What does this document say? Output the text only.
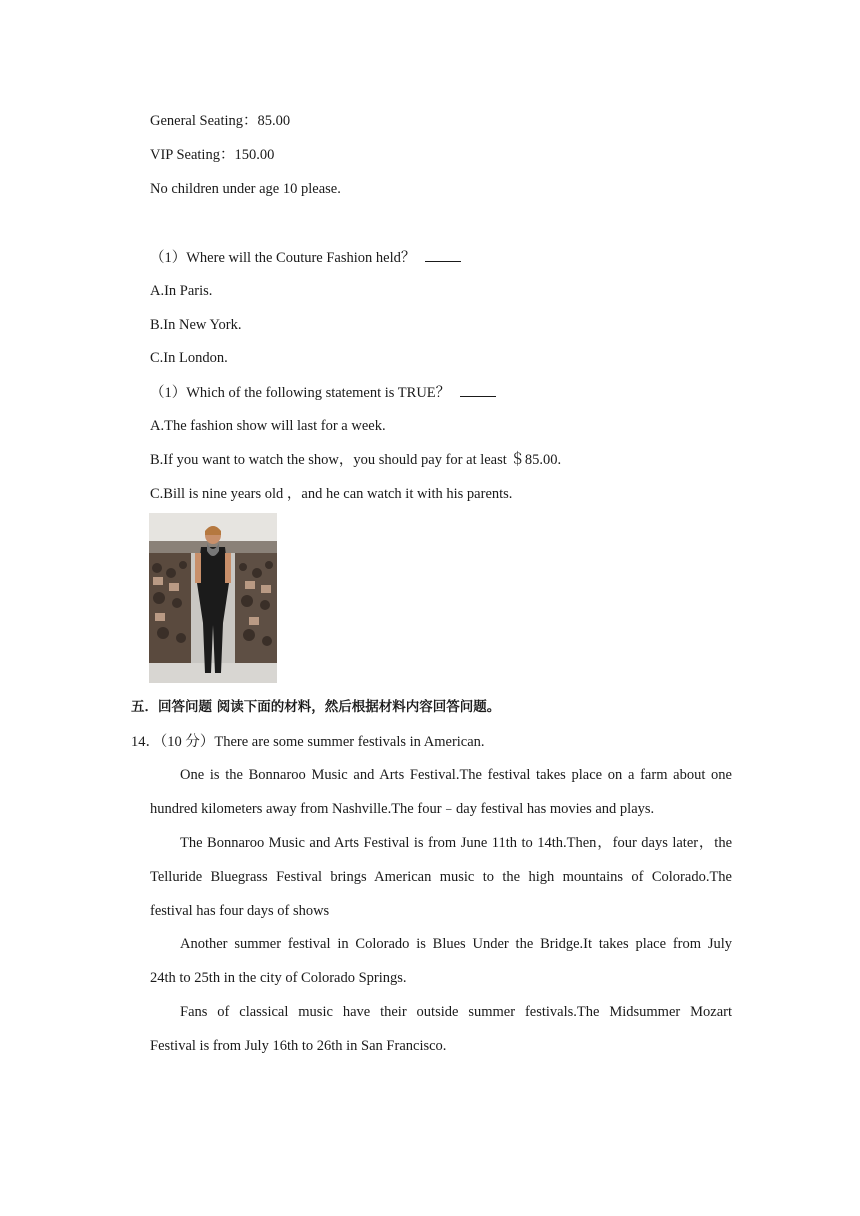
General Seating：85.00
VIP Seating：150.00
No children under age 10 please.
（1）Where will the Couture Fashion held？
A.In Paris.
B.In New York.
C.In London.
（1）Which of the following statement is TRUE？
A.The fashion show will last for a week.
B.If you want to watch the show，you should pay for at least ＄85.00.
C.Bill is nine years old ，and he can watch it with his parents.
五．回答问题 阅读下面的材料，然后根据材料内容回答问题。
14．（10 分）There are some summer festivals in American.
One is the Bonnaroo Music and Arts Festival.The festival takes place on a farm about one
hundred kilometers away from Nashville.The four﹣day festival has movies and plays.
The Bonnaroo Music and Arts Festival is from June 11th to 14th.Then，four days later，the
Telluride Bluegrass Festival brings American music to the high mountains of Colorado.The
festival has four days of shows
Another summer festival in Colorado is Blues Under the Bridge.It takes place from July
24th to 25th in the city of Colorado Springs.
Fans of classical music have their outside summer festivals.The Midsummer Mozart
Festival is from July 16th to 26th in San Francisco.
